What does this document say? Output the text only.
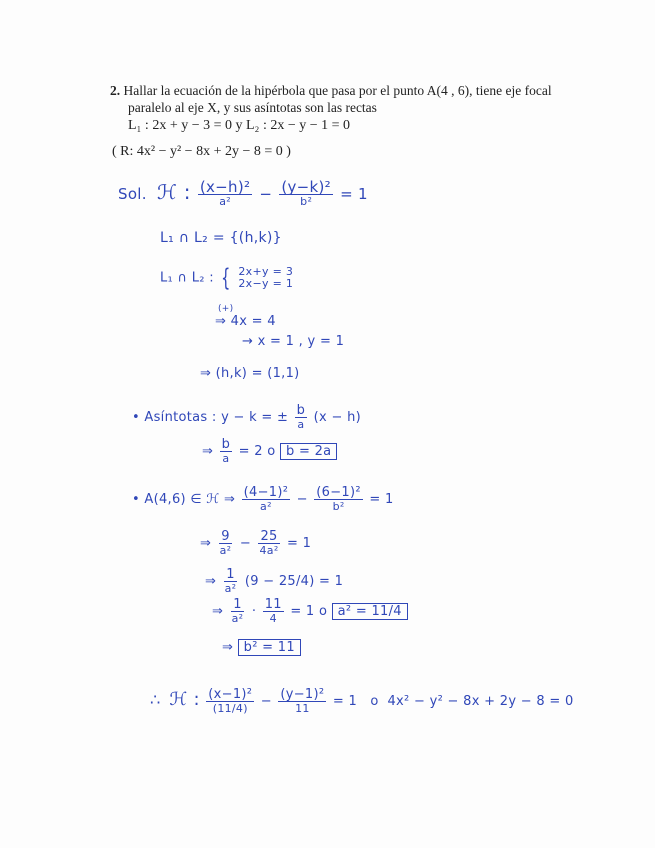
2. Hallar la ecuación de la hipérbola que pasa por el punto A(4 , 6), tiene eje focal
paralelo al eje X, y sus asíntotas son las rectas
L₁ : 2x + y − 3 = 0 y L₂ : 2x − y − 1 = 0
( R: 4x² − y² − 8x + 2y − 8 = 0 )
Sol. ℋ : $\frac{\text{(x−h)²}}{\text{a²}} - \frac{\text{(y−k)²}}{\text{b²}} = 1$
L₁ ∩ L₂ = {(h,k)}
L₁ ∩ L₂ : { 2x+y = 3
2x−y = 1
(+)
⇒ 4x = 4
→ x = 1 , y = 1
⇒ (h,k) = (1,1)
• Asíntotas : y − k = ± $\frac{b}{a} (x - h)$
⇒ $\frac{b}{a} = 2$ o b = 2a
• A(4,6) ∈ ℋ ⇒ $\frac{\text{(4−1)²}}{\text{a²}} - \frac{\text{(6−1)²}}{\text{b²}} = 1$
⇒ $\frac{9}{\text{a²}} - \frac{25}{\text{4a²}} = 1$
⇒ $\frac{1}{\text{a²}} (9 - 25/4) = 1$
⇒ $\frac{1}{\text{a²}} \cdot \frac{11}{4} = 1$ o a² = 11/4
⇒ b² = 11
∴ ℋ : $\frac{\text{(x−1)²}}{(11/4)} - \frac{\text{(y−1)²}}{11} = 1$ o 4x² − y² − 8x + 2y − 8 = 0
